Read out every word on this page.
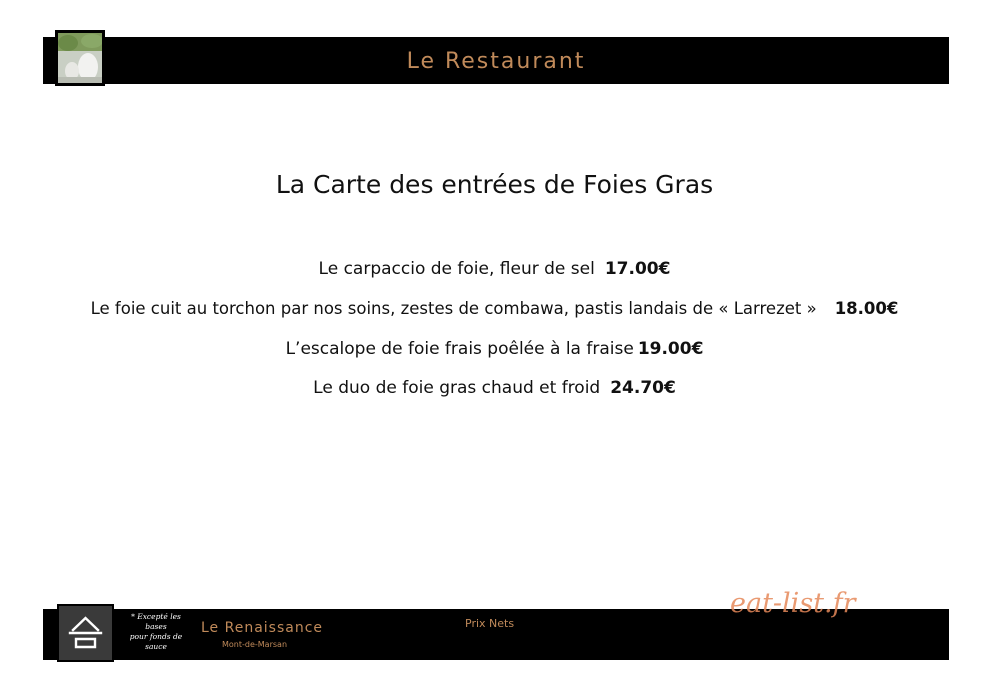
Le Restaurant
La Carte des entrées de Foies Gras
Le carpaccio de foie, fleur de sel 17.00€
Le foie cuit au torchon par nos soins, zestes de combawa, pastis landais de « Larrezet » 18.00€
L’escalope de foie frais poêlée à la fraise 19.00€
Le duo de foie gras chaud et froid 24.70€
* Excepté les
bases
pour fonds de
sauce
Le Renaissance
Mont-de-Marsan
Prix Nets
eat-list.fr
